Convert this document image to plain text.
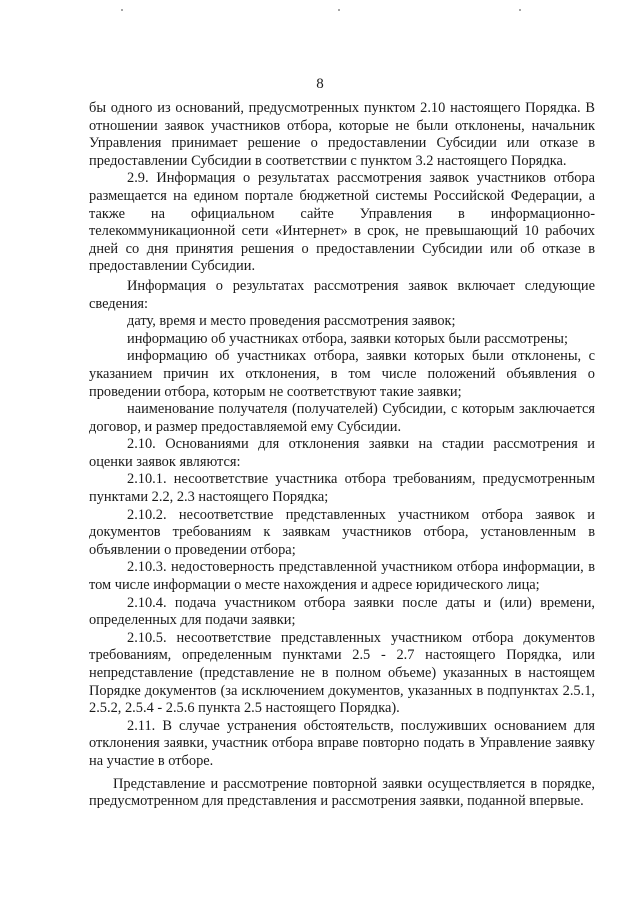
8

бы одного из оснований, предусмотренных пунктом 2.10 настоящего Порядка. В отношении заявок участников отбора, которые не были отклонены, начальник Управления принимает решение о предоставлении Субсидии или отказе в предоставлении Субсидии в соответствии с пунктом 3.2 настоящего Порядка.

2.9. Информация о результатах рассмотрения заявок участников отбора размещается на едином портале бюджетной системы Российской Федерации, а также на официальном сайте Управления в информационно-телекоммуникационной сети «Интернет» в срок, не превышающий 10 рабочих дней со дня принятия решения о предоставлении Субсидии или об отказе в предоставлении Субсидии.

Информация о результатах рассмотрения заявок включает следующие сведения:

дату, время и место проведения рассмотрения заявок;

информацию об участниках отбора, заявки которых были рассмотрены;

информацию об участниках отбора, заявки которых были отклонены, с указанием причин их отклонения, в том числе положений объявления о проведении отбора, которым не соответствуют такие заявки;

наименование получателя (получателей) Субсидии, с которым заключается договор, и размер предоставляемой ему Субсидии.

2.10. Основаниями для отклонения заявки на стадии рассмотрения и оценки заявок являются:

2.10.1. несоответствие участника отбора требованиям, предусмотренным пунктами 2.2, 2.3 настоящего Порядка;

2.10.2. несоответствие представленных участником отбора заявок и документов требованиям к заявкам участников отбора, установленным в объявлении о проведении отбора;

2.10.3. недостоверность представленной участником отбора информации, в том числе информации о месте нахождения и адресе юридического лица;

2.10.4. подача участником отбора заявки после даты и (или) времени, определенных для подачи заявки;

2.10.5. несоответствие представленных участником отбора документов требованиям, определенным пунктами 2.5 - 2.7 настоящего Порядка, или непредставление (представление не в полном объеме) указанных в настоящем Порядке документов (за исключением документов, указанных в подпунктах 2.5.1, 2.5.2, 2.5.4 - 2.5.6 пункта 2.5 настоящего Порядка).

2.11. В случае устранения обстоятельств, послуживших основанием для отклонения заявки, участник отбора вправе повторно подать в Управление заявку на участие в отборе.

Представление и рассмотрение повторной заявки осуществляется в порядке, предусмотренном для представления и рассмотрения заявки, поданной впервые.
